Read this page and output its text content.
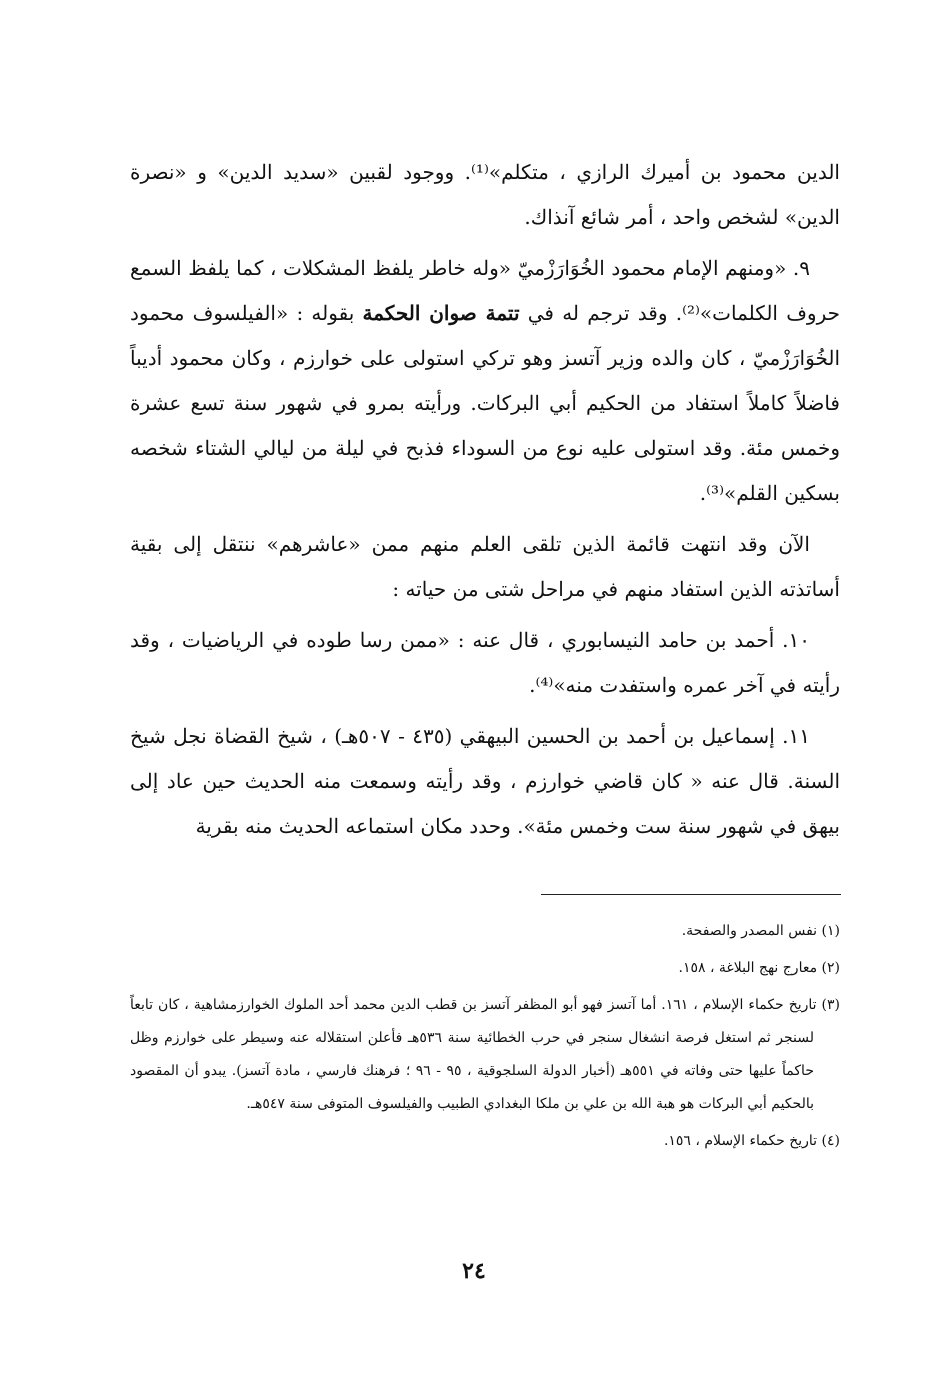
الدين محمود بن أميرك الرازي ، متكلم»⁽¹⁾. ووجود لقبين «سديد الدين» و «نصرة الدين» لشخص واحد ، أمر شائع آنذاك.

٩. «ومنهم الإمام محمود الخُوَارَزْميّ «وله خاطر يلفظ المشكلات ، كما يلفظ السمع حروف الكلمات»⁽²⁾. وقد ترجم له في تتمة صوان الحكمة بقوله : «الفيلسوف محمود الخُوَارَزْميّ ، كان والده وزير آتسز وهو تركي استولى على خوارزم ، وكان محمود أديباً فاضلاً كاملاً استفاد من الحكيم أبي البركات. ورأيته بمرو في شهور سنة تسع عشرة وخمس مئة. وقد استولى عليه نوع من السوداء فذبح في ليلة من ليالي الشتاء شخصه بسكين القلم»⁽³⁾.

الآن وقد انتهت قائمة الذين تلقى العلم منهم ممن «عاشرهم» ننتقل إلى بقية أساتذته الذين استفاد منهم في مراحل شتى من حياته :

١٠. أحمد بن حامد النيسابوري ، قال عنه : «ممن رسا طوده في الرياضيات ، وقد رأيته في آخر عمره واستفدت منه»⁽⁴⁾.

١١. إسماعيل بن أحمد بن الحسين البيهقي (٤٣٥ - ٥٠٧هـ) ، شيخ القضاة نجل شيخ السنة. قال عنه « كان قاضي خوارزم ، وقد رأيته وسمعت منه الحديث حين عاد إلى بيهق في شهور سنة ست وخمس مئة». وحدد مكان استماعه الحديث منه بقرية

(١) نفس المصدر والصفحة.

(٢) معارج نهج البلاغة ، ١٥٨.

(٣) تاريخ حكماء الإسلام ، ١٦١. أما آتسز فهو أبو المظفر آتسز بن قطب الدين محمد أحد الملوك الخوارزمشاهية ، كان تابعاً لسنجر ثم استغل فرصة انشغال سنجر في حرب الخطائية سنة ٥٣٦هـ فأعلن استقلاله عنه وسيطر على خوارزم وظل حاكماً عليها حتى وفاته في ٥٥١هـ (أخبار الدولة السلجوقية ، ٩٥ - ٩٦ ؛ فرهنك فارسي ، مادة آتسز). يبدو أن المقصود بالحكيم أبي البركات هو هبة الله بن علي بن ملكا البغدادي الطبيب والفيلسوف المتوفى سنة ٥٤٧هـ.

(٤) تاريخ حكماء الإسلام ، ١٥٦.

٢٤
